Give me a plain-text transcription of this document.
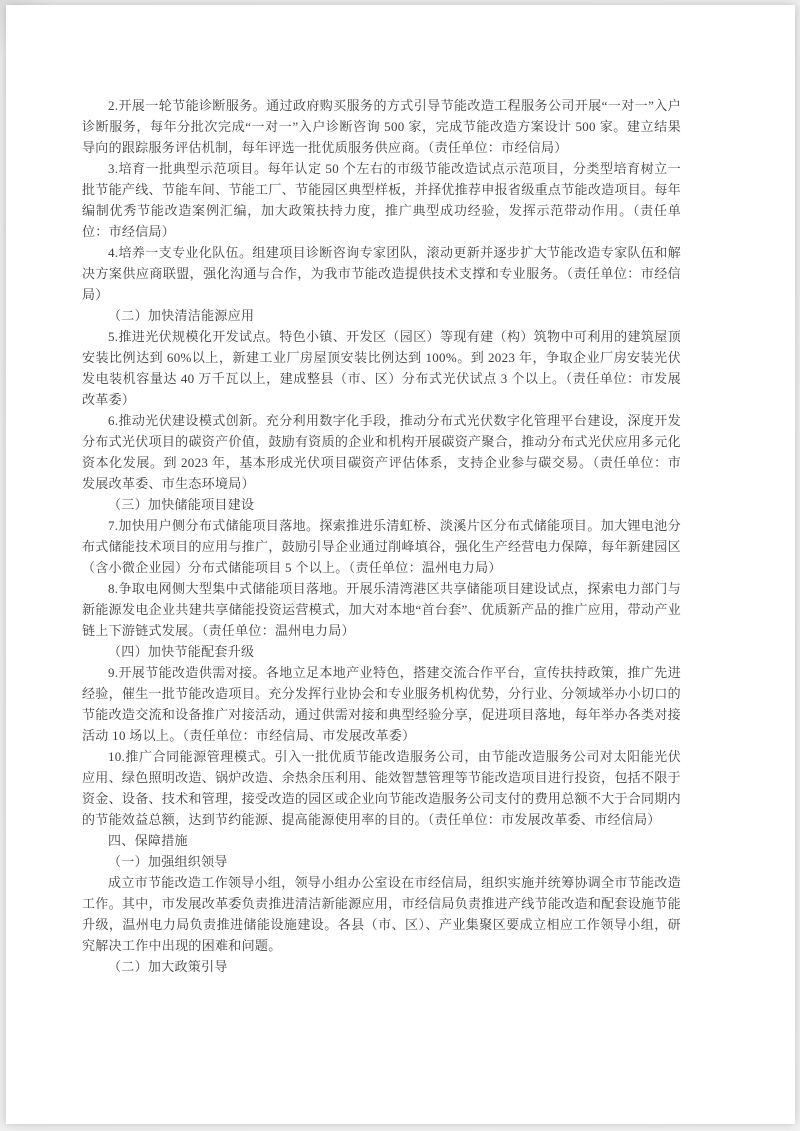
2.开展一轮节能诊断服务。通过政府购买服务的方式引导节能改造工程服务公司开展“一对一”入户诊断服务，每年分批次完成“一对一”入户诊断咨询 500 家，完成节能改造方案设计 500 家。建立结果导向的跟踪服务评估机制，每年评选一批优质服务供应商。（责任单位：市经信局）

3.培育一批典型示范项目。每年认定 50 个左右的市级节能改造试点示范项目，分类型培育树立一批节能产线、节能车间、节能工厂、节能园区典型样板，并择优推荐申报省级重点节能改造项目。每年编制优秀节能改造案例汇编，加大政策扶持力度，推广典型成功经验，发挥示范带动作用。（责任单位：市经信局）

4.培养一支专业化队伍。组建项目诊断咨询专家团队，滚动更新并逐步扩大节能改造专家队伍和解决方案供应商联盟，强化沟通与合作，为我市节能改造提供技术支撑和专业服务。（责任单位：市经信局）

（二）加快清洁能源应用

5.推进光伏规模化开发试点。特色小镇、开发区（园区）等现有建（构）筑物中可利用的建筑屋顶安装比例达到 60%以上，新建工业厂房屋顶安装比例达到 100%。到 2023 年，争取企业厂房安装光伏发电装机容量达 40 万千瓦以上，建成整县（市、区）分布式光伏试点 3 个以上。（责任单位：市发展改革委）

6.推动光伏建设模式创新。充分利用数字化手段，推动分布式光伏数字化管理平台建设，深度开发分布式光伏项目的碳资产价值，鼓励有资质的企业和机构开展碳资产聚合，推动分布式光伏应用多元化资本化发展。到 2023 年，基本形成光伏项目碳资产评估体系，支持企业参与碳交易。（责任单位：市发展改革委、市生态环境局）

（三）加快储能项目建设

7.加快用户侧分布式储能项目落地。探索推进乐清虹桥、淡溪片区分布式储能项目。加大锂电池分布式储能技术项目的应用与推广，鼓励引导企业通过削峰填谷，强化生产经营电力保障，每年新建园区（含小微企业园）分布式储能项目 5 个以上。（责任单位：温州电力局）

8.争取电网侧大型集中式储能项目落地。开展乐清湾港区共享储能项目建设试点，探索电力部门与新能源发电企业共建共享储能投资运营模式，加大对本地“首台套”、优质新产品的推广应用，带动产业链上下游链式发展。（责任单位：温州电力局）

（四）加快节能配套升级

9.开展节能改造供需对接。各地立足本地产业特色，搭建交流合作平台，宣传扶持政策，推广先进经验，催生一批节能改造项目。充分发挥行业协会和专业服务机构优势，分行业、分领域举办小切口的节能改造交流和设备推广对接活动，通过供需对接和典型经验分享，促进项目落地，每年举办各类对接活动 10 场以上。（责任单位：市经信局、市发展改革委）

10.推广合同能源管理模式。引入一批优质节能改造服务公司，由节能改造服务公司对太阳能光伏应用、绿色照明改造、锅炉改造、余热余压利用、能效智慧管理等节能改造项目进行投资，包括不限于资金、设备、技术和管理，接受改造的园区或企业向节能改造服务公司支付的费用总额不大于合同期内的节能效益总额，达到节约能源、提高能源使用率的目的。（责任单位：市发展改革委、市经信局）

四、保障措施

（一）加强组织领导

成立市节能改造工作领导小组，领导小组办公室设在市经信局，组织实施并统筹协调全市节能改造工作。其中，市发展改革委负责推进清洁新能源应用，市经信局负责推进产线节能改造和配套设施节能升级，温州电力局负责推进储能设施建设。各县（市、区）、产业集聚区要成立相应工作领导小组，研究解决工作中出现的困难和问题。

（二）加大政策引导
